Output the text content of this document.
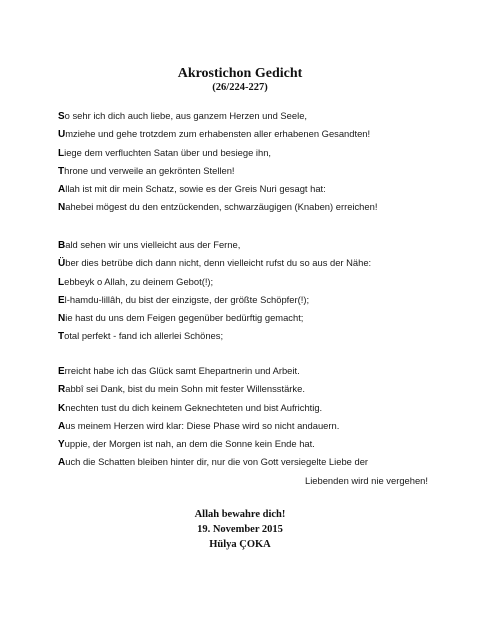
Akrostichon Gedicht
(26/224-227)
So sehr ich dich auch liebe, aus ganzem Herzen und Seele,
Umziehe und gehe trotzdem zum erhabensten aller erhabenen Gesandten!
Liege dem verfluchten Satan über und besiege ihn,
Throne und verweile an gekrönten Stellen!
Allah ist mit dir mein Schatz, sowie es der Greis Nuri gesagt hat:
Nahebei mögest du den entzückenden, schwarzäugigen (Knaben) erreichen!
Bald sehen wir uns vielleicht aus der Ferne,
Über dies betrübe dich dann nicht, denn vielleicht rufst du so aus der Nähe:
Lebbeyk o Allah, zu deinem Gebot(!);
El-hamdu-lillâh, du bist der einzigste, der größte Schöpfer(!);
Nie hast du uns dem Feigen gegenüber bedürftig gemacht;
Total perfekt - fand ich allerlei Schönes;
Erreicht habe ich das Glück samt Ehepartnerin und Arbeit.
Rabbî sei Dank, bist du mein Sohn mit fester Willensstärke.
Knechten tust du dich keinem Geknechteten und bist Aufrichtig.
Aus meinem Herzen wird klar: Diese Phase wird so nicht andauern.
Yuppie, der Morgen ist nah, an dem die Sonne kein Ende hat.
Auch die Schatten bleiben hinter dir, nur die von Gott versiegelte Liebe der
Liebenden wird nie vergehen!
Allah bewahre dich!
19. November 2015
Hülya ÇOKA
